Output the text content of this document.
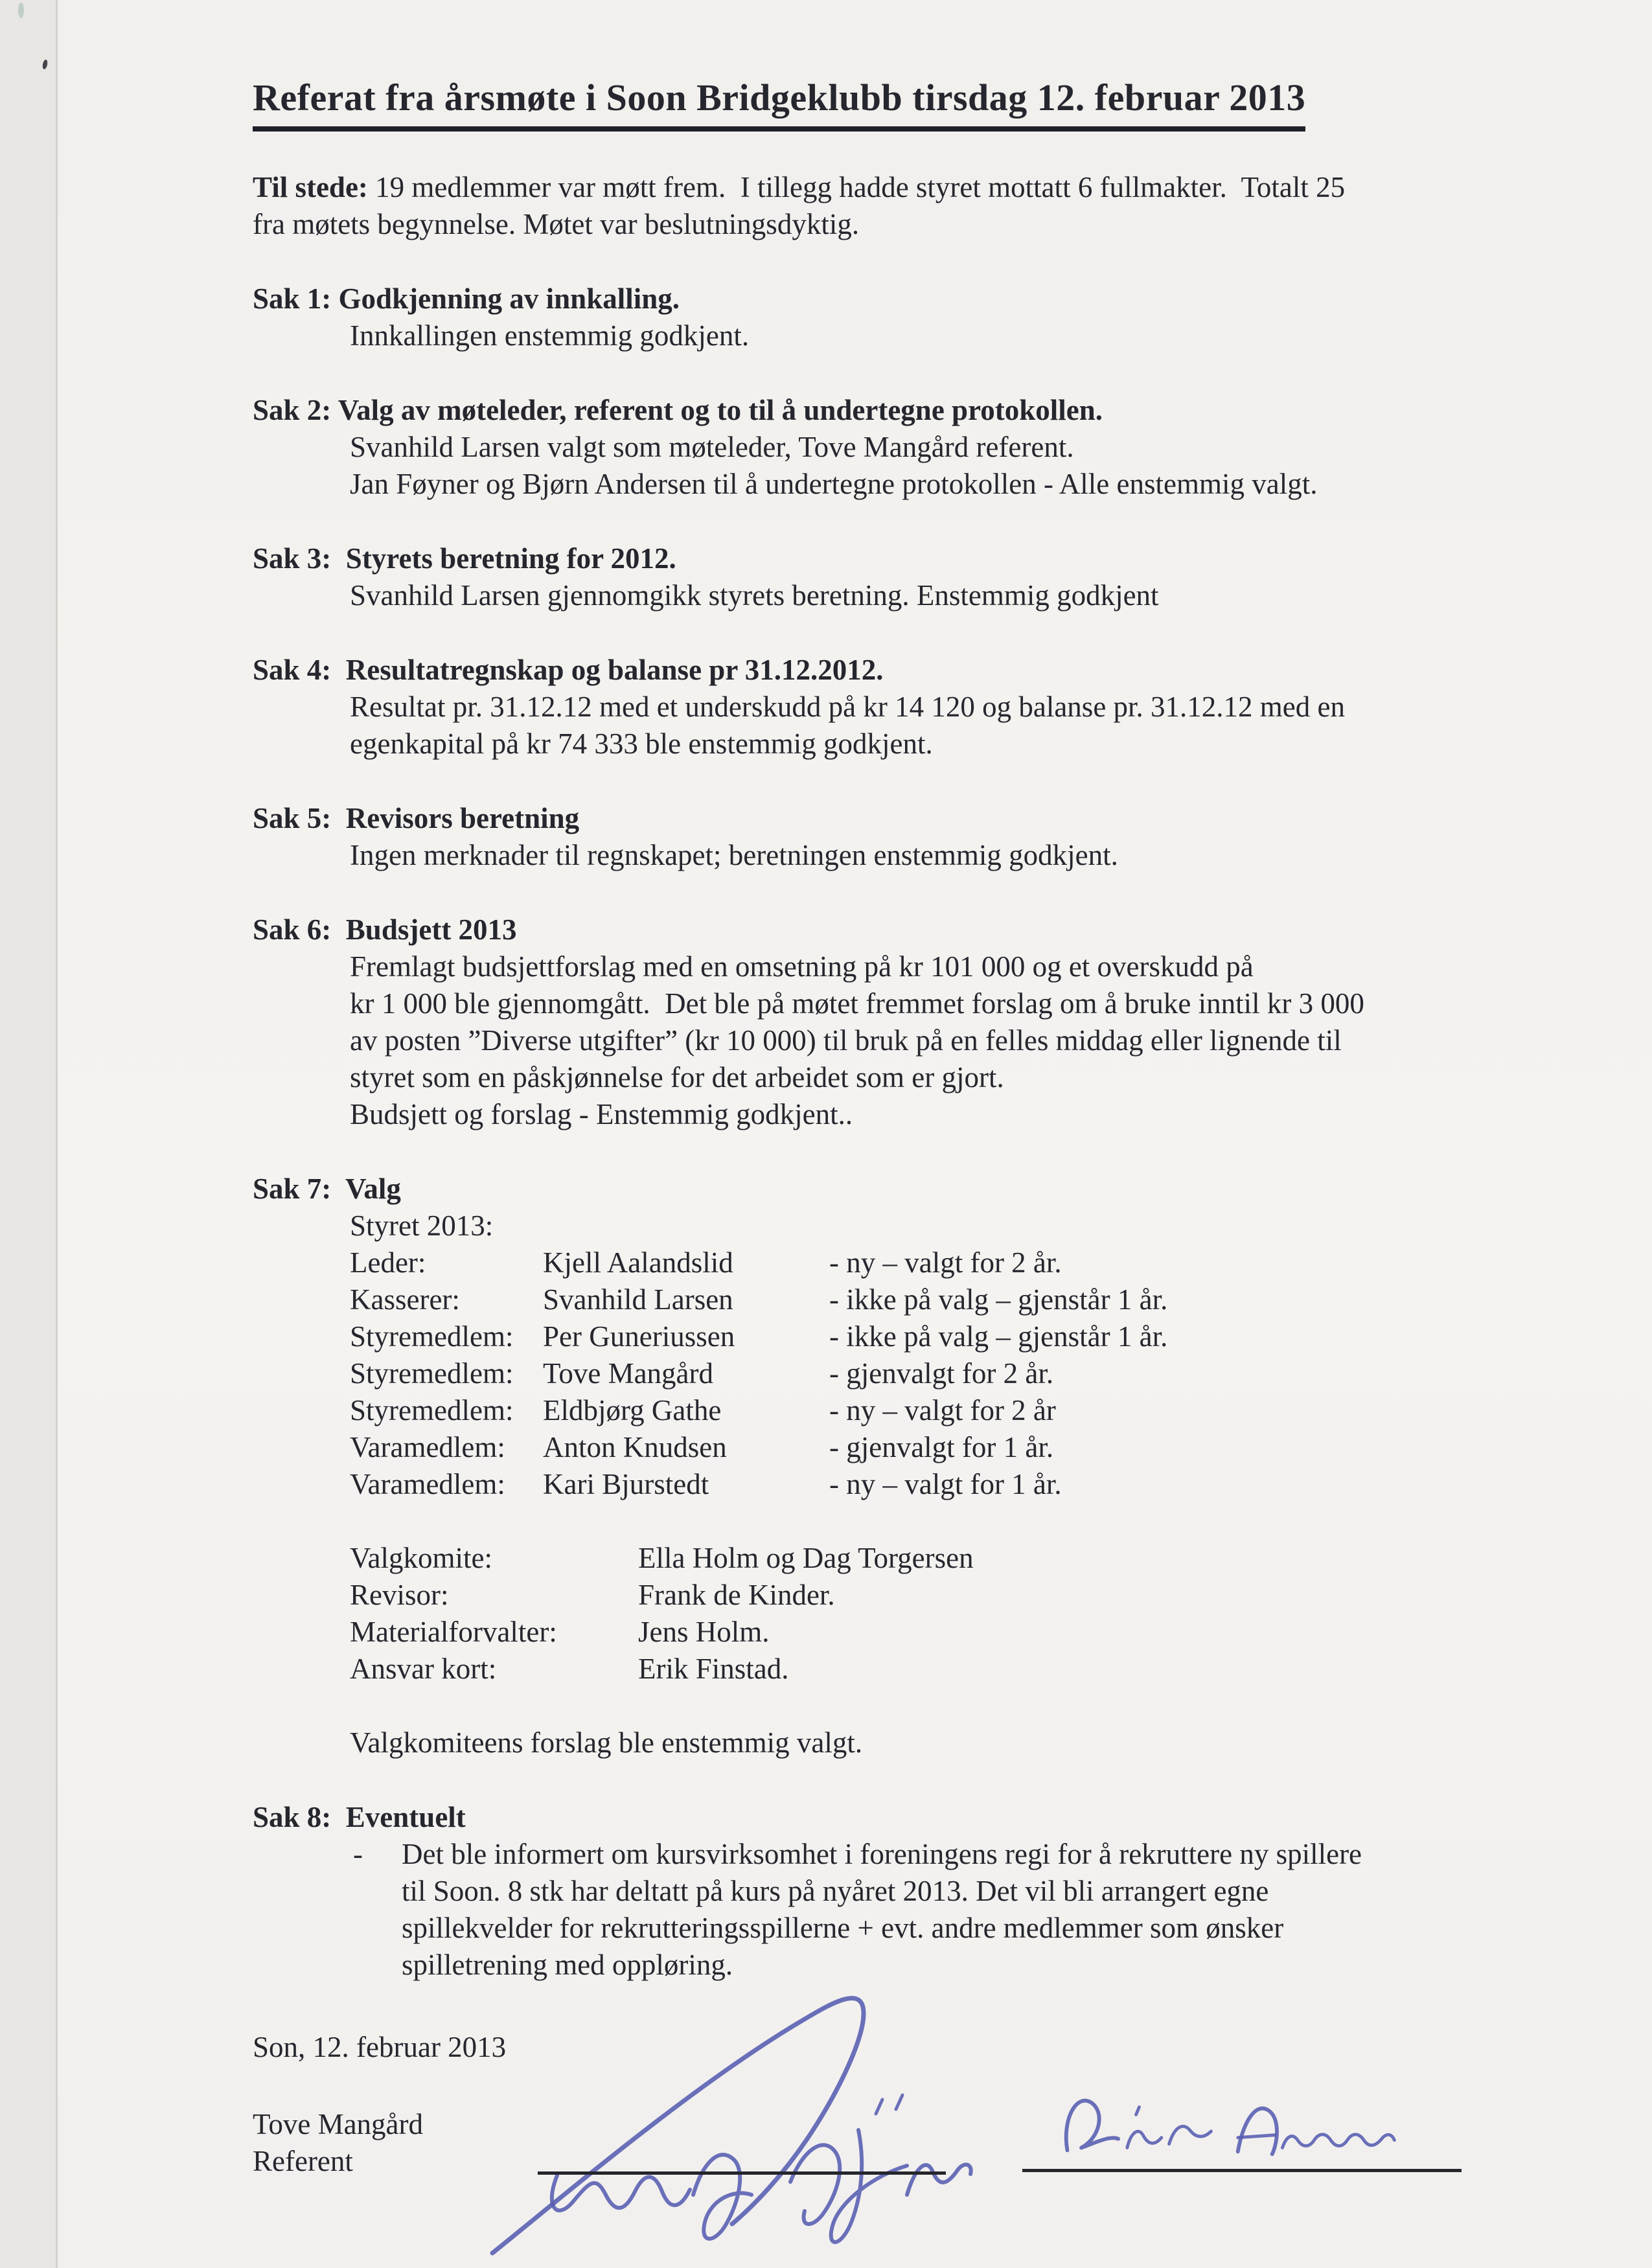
Referat fra årsmøte i Soon Bridgeklubb tirsdag 12. februar 2013
Til stede: 19 medlemmer var møtt frem.  I tillegg hadde styret mottatt 6 fullmakter.  Totalt 25
fra møtets begynnelse. Møtet var beslutningsdyktig.
Sak 1: Godkjenning av innkalling.
Innkallingen enstemmig godkjent.
Sak 2: Valg av møteleder, referent og to til å undertegne protokollen.
Svanhild Larsen valgt som møteleder, Tove Mangård referent.
Jan Føyner og Bjørn Andersen til å undertegne protokollen - Alle enstemmig valgt.
Sak 3:  Styrets beretning for 2012.
Svanhild Larsen gjennomgikk styrets beretning. Enstemmig godkjent
Sak 4:  Resultatregnskap og balanse pr 31.12.2012.
Resultat pr. 31.12.12 med et underskudd på kr 14 120 og balanse pr. 31.12.12 med en
egenkapital på kr 74 333 ble enstemmig godkjent.
Sak 5:  Revisors beretning
Ingen merknader til regnskapet; beretningen enstemmig godkjent.
Sak 6:  Budsjett 2013
Fremlagt budsjettforslag med en omsetning på kr 101 000 og et overskudd på
kr 1 000 ble gjennomgått.  Det ble på møtet fremmet forslag om å bruke inntil kr 3 000
av posten ”Diverse utgifter” (kr 10 000) til bruk på en felles middag eller lignende til
styret som en påskjønnelse for det arbeidet som er gjort.
Budsjett og forslag - Enstemmig godkjent..
Sak 7:  Valg
Styret 2013:
Leder:	Kjell Aalandslid	- ny – valgt for 2 år.
Kasserer:	Svanhild Larsen	- ikke på valg – gjenstår 1 år.
Styremedlem:	Per Guneriussen	- ikke på valg – gjenstår 1 år.
Styremedlem:	Tove Mangård	- gjenvalgt for 2 år.
Styremedlem:	Eldbjørg Gathe	- ny – valgt for 2 år
Varamedlem:	Anton Knudsen	- gjenvalgt for 1 år.
Varamedlem:	Kari Bjurstedt	- ny – valgt for 1 år.
Valgkomite:	Ella Holm og Dag Torgersen
Revisor:	Frank de Kinder.
Materialforvalter:	Jens Holm.
Ansvar kort:	Erik Finstad.
Valgkomiteens forslag ble enstemmig valgt.
Sak 8:  Eventuelt
-	Det ble informert om kursvirksomhet i foreningens regi for å rekruttere ny spillere
til Soon. 8 stk har deltatt på kurs på nyåret 2013. Det vil bli arrangert egne
spillekvelder for rekrutteringsspillerne + evt. andre medlemmer som ønsker
spilletrening med oppløring.
Son, 12. februar 2013
Tove Mangård
Referent
